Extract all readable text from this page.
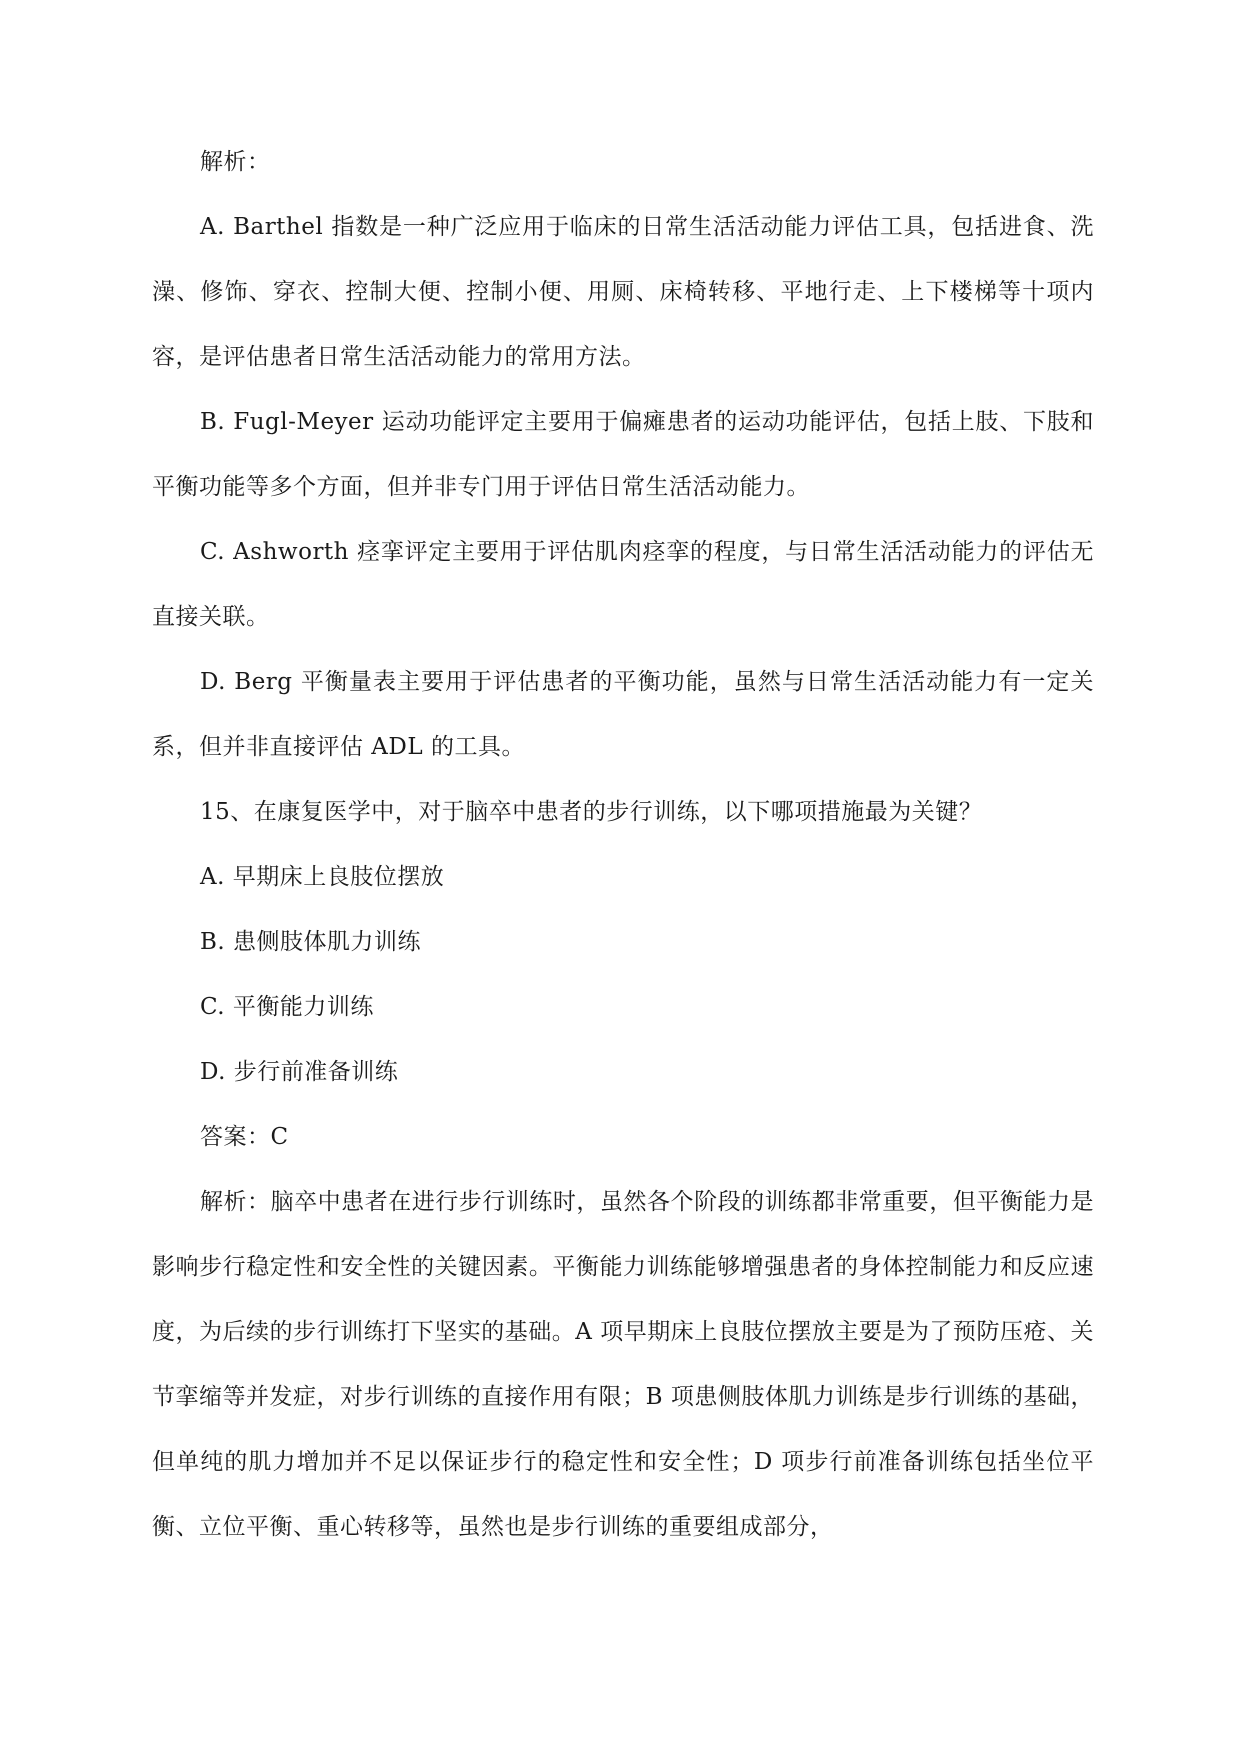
解析：

A. Barthel 指数是一种广泛应用于临床的日常生活活动能力评估工具，包括进食、洗澡、修饰、穿衣、控制大便、控制小便、用厕、床椅转移、平地行走、上下楼梯等十项内容，是评估患者日常生活活动能力的常用方法。

B. Fugl-Meyer 运动功能评定主要用于偏瘫患者的运动功能评估，包括上肢、下肢和平衡功能等多个方面，但并非专门用于评估日常生活活动能力。

C. Ashworth 痉挛评定主要用于评估肌肉痉挛的程度，与日常生活活动能力的评估无直接关联。

D. Berg 平衡量表主要用于评估患者的平衡功能，虽然与日常生活活动能力有一定关系，但并非直接评估 ADL 的工具。

15、在康复医学中，对于脑卒中患者的步行训练，以下哪项措施最为关键？

A. 早期床上良肢位摆放

B. 患侧肢体肌力训练

C. 平衡能力训练

D. 步行前准备训练

答案：C

解析：脑卒中患者在进行步行训练时，虽然各个阶段的训练都非常重要，但平衡能力是影响步行稳定性和安全性的关键因素。平衡能力训练能够增强患者的身体控制能力和反应速度，为后续的步行训练打下坚实的基础。A 项早期床上良肢位摆放主要是为了预防压疮、关节挛缩等并发症，对步行训练的直接作用有限；B 项患侧肢体肌力训练是步行训练的基础，但单纯的肌力增加并不足以保证步行的稳定性和安全性；D 项步行前准备训练包括坐位平衡、立位平衡、重心转移等，虽然也是步行训练的重要组成部分，
